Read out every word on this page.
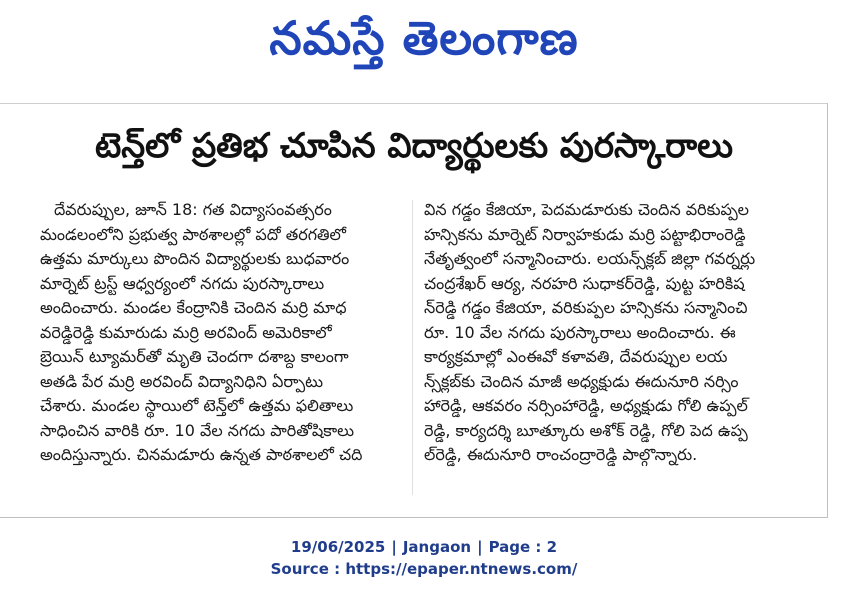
నమస్తే తెలంగాణ
టెన్త్‌లో ప్రతిభ చూపిన విద్యార్థులకు పురస్కారాలు
దేవరుప్పుల, జూన్ 18: గత విద్యాసంవత్సరం
మండలంలోని ప్రభుత్వ పాఠశాలల్లో పదో తరగతిలో
ఉత్తమ మార్కులు పొందిన విద్యార్థులకు బుధవారం
మార్నెట్ ట్రస్ట్ ఆధ్వర్యంలో నగదు పురస్కారాలు
అందించారు. మండల కేంద్రానికి చెందిన మర్రి మాధ
వరెడ్డిరెడ్డి కుమారుడు మర్రి అరవింద్ అమెరికాలో
బ్రెయిన్ ట్యూమర్‌తో మృతి చెందగా దశాబ్ద కాలంగా
అతడి పేర మర్రి అరవింద్ విద్యానిధిని ఏర్పాటు
చేశారు. మండల స్థాయిలో టెన్త్‌లో ఉత్తమ ఫలితాలు
సాధించిన వారికి రూ. 10 వేల నగదు పారితోషికాలు
అందిస్తున్నారు. చినమడూరు ఉన్నత పాఠశాలలో చది
విన గడ్డం కేజియా, పెదమడూరుకు చెందిన వరికుప్పల
హన్సికను మార్నెట్ నిర్వాహకుడు మర్రి పట్టాభిరాంరెడ్డి
నేతృత్వంలో సన్మానించారు. లయన్స్‌క్లబ్ జిల్లా గవర్నర్లు
చంద్రశేఖర్ ఆర్య, నరహరి సుధాకర్‌రెడ్డి, పుట్ట హరికిష
న్‌రెడ్డి గడ్డం కేజియా, వరికుప్పల హన్సికను సన్మానించి
రూ. 10 వేల నగదు పురస్కారాలు అందించారు. ఈ
కార్యక్రమాల్లో ఎంఈవో కళావతి, దేవరుప్పుల లయ
న్స్‌క్లబ్‌కు చెందిన మాజీ అధ్యక్షుడు ఈదునూరి నర్సిం
హారెడ్డి, ఆకవరం నర్సింహారెడ్డి, అధ్యక్షుడు గోలి ఉప్పల్
రెడ్డి, కార్యదర్శి బూత్కూరు అశోక్ రెడ్డి, గోలి పెద ఉప్ప
ల్‌రెడ్డి, ఈదునూరి రాంచంద్రారెడ్డి పాల్గొన్నారు.
19/06/2025 | Jangaon | Page : 2
Source : https://epaper.ntnews.com/
